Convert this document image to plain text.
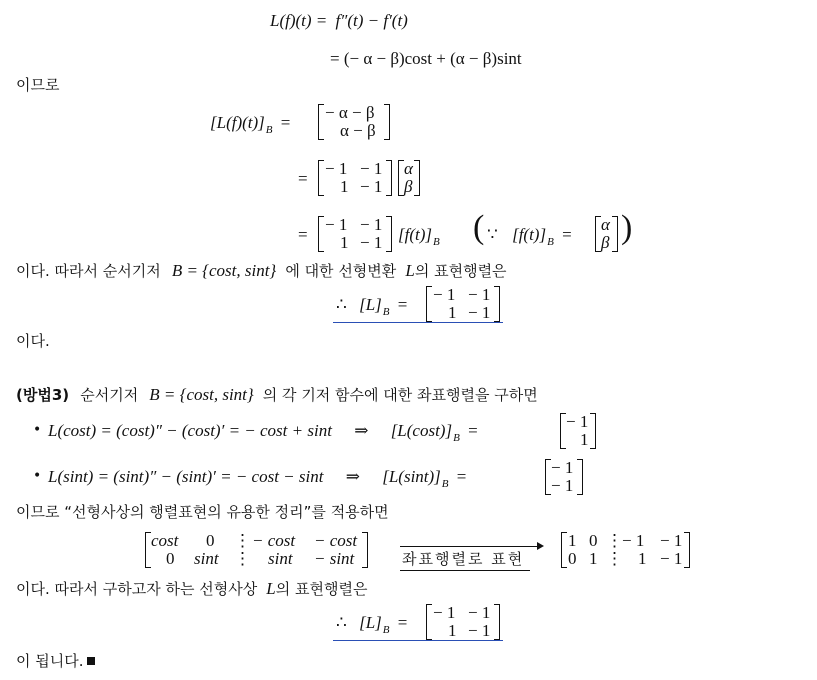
L(f)(t) = f″(t) − f′(t)
= (− α − β)cost + (α − β)sint
이므로
$[L(f)(t)]_B$ =
− α − β
α − β
=
− 1 − 1
1 − 1
α
β
=
− 1 − 1
1 − 1 $[f(t)]_B$ ( ∵ $[f(t)]_B$ =
α
β )
이다. 따라서 순서기저 B = {cost, sint} 에 대한 선형변환 L의 표현행렬은
∴ $[L]_B$ =
− 1 − 1
1 − 1
이다.
(방법3) 순서기저 B = {cost, sint} 의 각 기저 함수에 대한 좌표행렬을 구하면
• L(cost) = (cost)″ − (cost)′ = − cost + sint ⇒ $[L(\cos t)]_B$ =	− 1
1
• L(sint) = (sint)″ − (sint)′ = − cost − sint ⇒ $[L(\sin t)]_B$ =	− 1
− 1
이므로 “선형사상의 행렬표현의 유용한 정리”를 적용하면
cost 0 ⋮ − cost − cost
0 sint ⋮ sint − sint	좌표행렬로 표현
1 0 ⋮ − 1 − 1
0 1 ⋮ 1 − 1
이다. 따라서 구하고자 하는 선형사상 L의 표현행렬은
∴ $[L]_B$ =
− 1 − 1
1 − 1
이 됩니다.
